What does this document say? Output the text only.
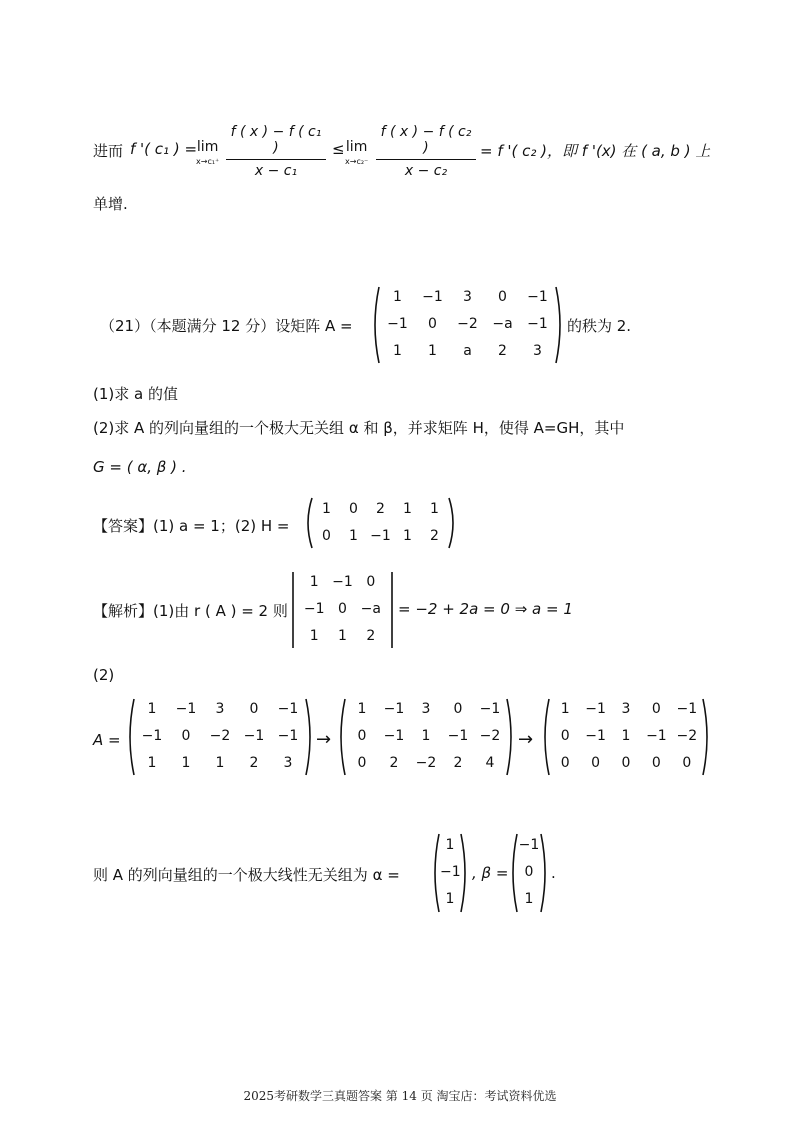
进而 f '( c₁ ) = lim
x→c₁⁺
f ( x ) − f ( c₁ )
x − c₁
≤ lim
x→c₂⁻
f ( x ) − f ( c₂ )
x − c₂
= f '( c₂ )，即 f '(x) 在 ( a, b ) 上
单增.
（21）（本题满分 12 分）设矩阵 A =
1	−1	3	0	−1
−1	0	−2	−a	−1
1	1	a	2	3
的秩为 2.
(1)求 a 的值
(2)求 A 的列向量组的一个极大无关组 α 和 β，并求矩阵 H，使得 A=GH，其中
G = ( α, β ) .
【答案】(1) a = 1；(2) H =
1	0	2	1	1
0	1 −1 1	2
【解析】(1)由 r ( A ) = 2 则
1 −1 0
−1 0 −a
1	1	2
= −2 + 2a = 0 ⇒ a = 1
(2)
A =
1	−1	3	0	−1
−1	0	−2 −1 −1
1	1	1	2	3
→
1	−1	3	0	−1
0	−1	1	−1 −2
0	2	−2	2	4
→
1	−1	3	0	−1
0	−1	1	−1 −2
0	0	0	0	0
则 A 的列向量组的一个极大线性无关组为 α =
1
−1
1
, β =
−1
0
1
.
2025考研数学三真题答案 第 14 页 淘宝店：考试资料优选
